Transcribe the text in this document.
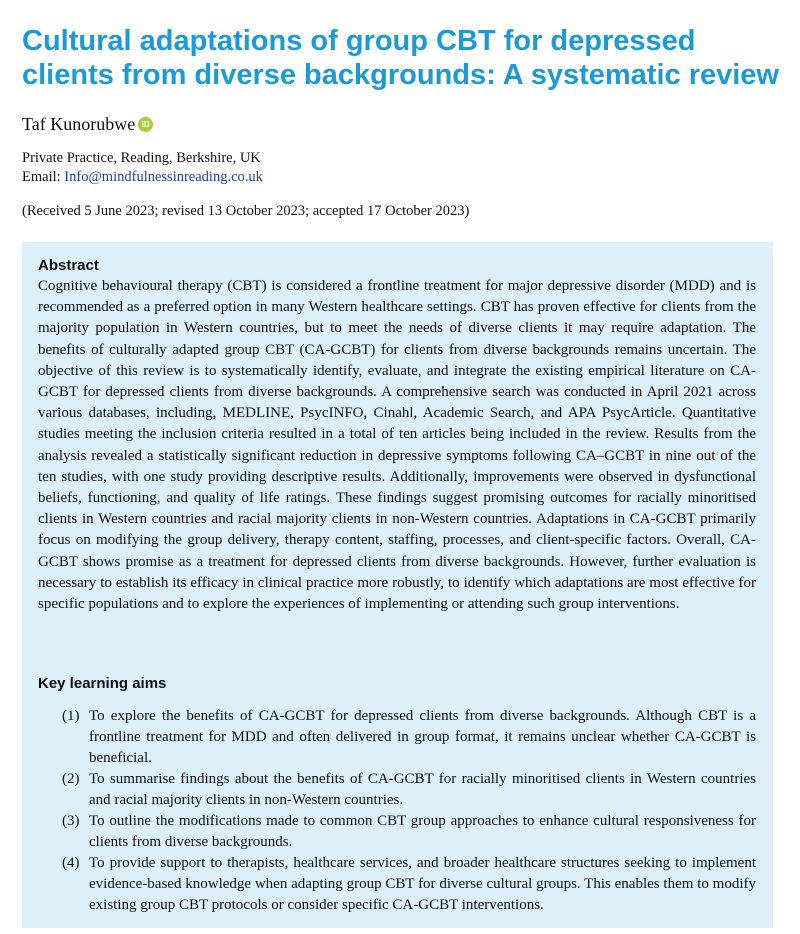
Cultural adaptations of group CBT for depressed clients from diverse backgrounds: A systematic review
Taf Kunorubwe iD
Private Practice, Reading, Berkshire, UK
Email: Info@mindfulnessinreading.co.uk
(Received 5 June 2023; revised 13 October 2023; accepted 17 October 2023)
Abstract

Cognitive behavioural therapy (CBT) is considered a frontline treatment for major depressive disorder (MDD) and is recommended as a preferred option in many Western healthcare settings. CBT has proven effective for clients from the majority population in Western countries, but to meet the needs of diverse clients it may require adaptation. The benefits of culturally adapted group CBT (CA-GCBT) for clients from diverse backgrounds remains uncertain. The objective of this review is to systematically identify, evaluate, and integrate the existing empirical literature on CA-GCBT for depressed clients from diverse backgrounds. A comprehensive search was conducted in April 2021 across various databases, including, MEDLINE, PsycINFO, Cinahl, Academic Search, and APA PsycArticle. Quantitative studies meeting the inclusion criteria resulted in a total of ten articles being included in the review. Results from the analysis revealed a statistically significant reduction in depressive symptoms following CA–GCBT in nine out of the ten studies, with one study providing descriptive results. Additionally, improvements were observed in dysfunctional beliefs, functioning, and quality of life ratings. These findings suggest promising outcomes for racially minoritised clients in Western countries and racial majority clients in non-Western countries. Adaptations in CA-GCBT primarily focus on modifying the group delivery, therapy content, staffing, processes, and client-specific factors. Overall, CA-GCBT shows promise as a treatment for depressed clients from diverse backgrounds. However, further evaluation is necessary to establish its efficacy in clinical practice more robustly, to identify which adaptations are most effective for specific populations and to explore the experiences of implementing or attending such group interventions.

Key learning aims
(1) To explore the benefits of CA-GCBT for depressed clients from diverse backgrounds. Although CBT is a frontline treatment for MDD and often delivered in group format, it remains unclear whether CA-GCBT is beneficial.
(2) To summarise findings about the benefits of CA-GCBT for racially minoritised clients in Western countries and racial majority clients in non-Western countries.
(3) To outline the modifications made to common CBT group approaches to enhance cultural responsiveness for clients from diverse backgrounds.
(4) To provide support to therapists, healthcare services, and broader healthcare structures seeking to implement evidence-based knowledge when adapting group CBT for diverse cultural groups. This enables them to modify existing group CBT protocols or consider specific CA-GCBT interventions.
